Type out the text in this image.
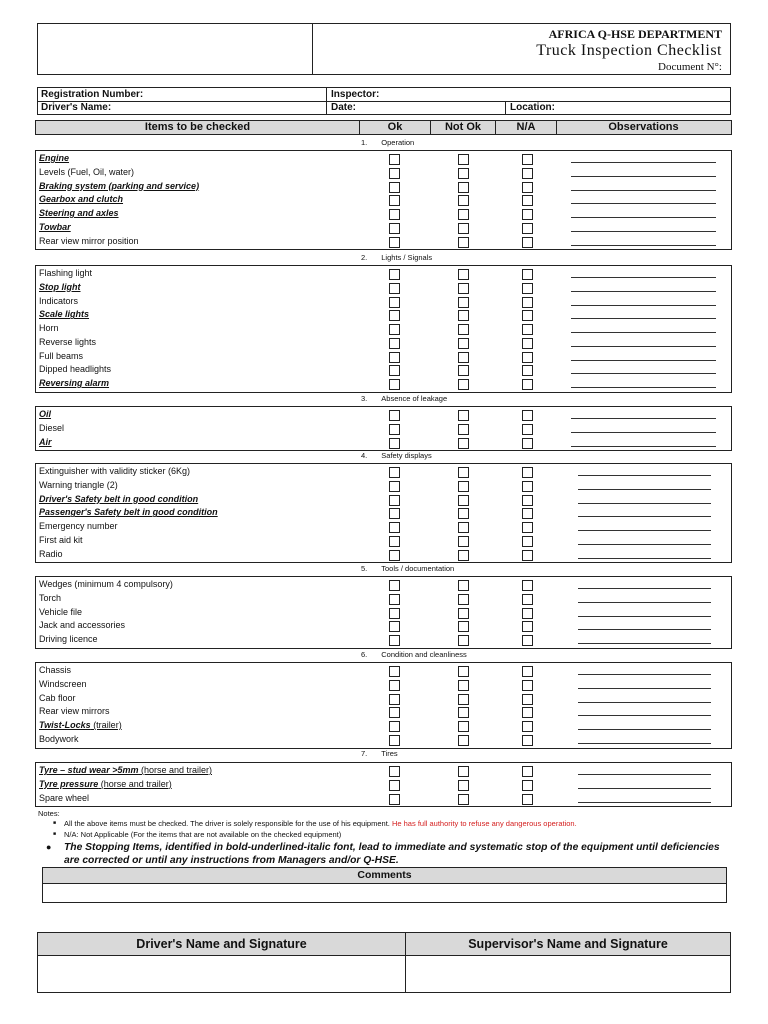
AFRICA Q-HSE DEPARTMENT
Truck Inspection Checklist
Document N°:
Registration Number:	Inspector:
Driver's Name:	Date:	Location:
Items to be checked	Ok	Not Ok	N/A	Observations
1. Operation
Engine
Levels (Fuel, Oil, water)
Braking system (parking and service)
Gearbox and clutch
Steering and axles
Towbar
Rear view mirror position
2. Lights / Signals
Flashing light
Stop light
Indicators
Scale lights
Horn
Reverse lights
Full beams
Dipped headlights
Reversing alarm
3. Absence of leakage
Oil
Diesel
Air
4. Safety displays
Extinguisher with validity sticker (6Kg)
Warning triangle (2)
Driver's Safety belt in good condition
Passenger's Safety belt in good condition
Emergency number
First aid kit
Radio
5. Tools / documentation
Wedges (minimum 4 compulsory)
Torch
Vehicle file
Jack and accessories
Driving licence
6. Condition and cleanliness
Chassis
Windscreen
Cab floor
Rear view mirrors
Twist-Locks (trailer)
Bodywork
7. Tires
Tyre – stud wear >5mm (horse and trailer)
Tyre pressure (horse and trailer)
Spare wheel
Notes:
■ All the above items must be checked. The driver is solely responsible for the use of his equipment. He has full authority to refuse any dangerous operation.
■ N/A: Not Applicable (For the items that are not available on the checked equipment)
● The Stopping Items, identified in bold-underlined-italic font, lead to immediate and systematic stop of the equipment until deficiencies are corrected or until any instructions from Managers and/or Q-HSE.
Comments
Driver's Name and Signature	Supervisor's Name and Signature
